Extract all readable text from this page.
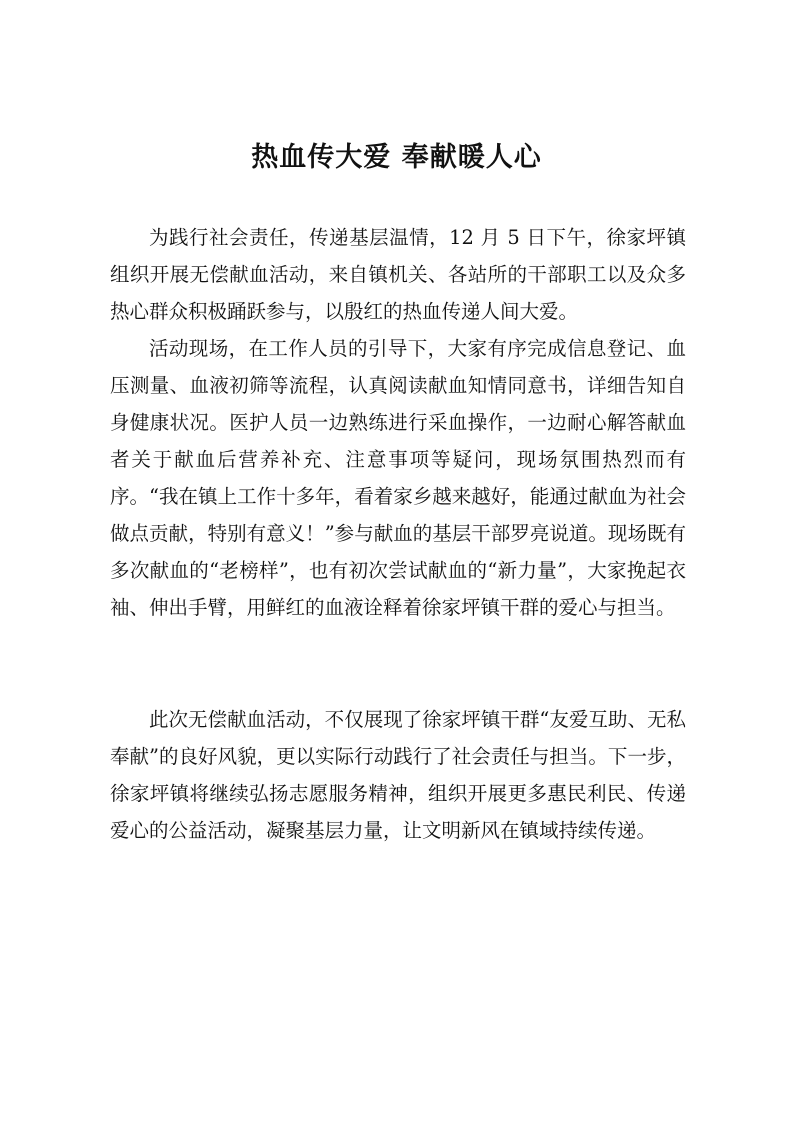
热血传大爱 奉献暖人心

为践行社会责任，传递基层温情，12 月 5 日下午，徐家坪镇组织开展无偿献血活动，来自镇机关、各站所的干部职工以及众多热心群众积极踊跃参与，以殷红的热血传递人间大爱。

活动现场，在工作人员的引导下，大家有序完成信息登记、血压测量、血液初筛等流程，认真阅读献血知情同意书，详细告知自身健康状况。医护人员一边熟练进行采血操作，一边耐心解答献血者关于献血后营养补充、注意事项等疑问，现场氛围热烈而有序。“我在镇上工作十多年，看着家乡越来越好，能通过献血为社会做点贡献，特别有意义！”参与献血的基层干部罗亮说道。现场既有多次献血的“老榜样”，也有初次尝试献血的“新力量”，大家挽起衣袖、伸出手臂，用鲜红的血液诠释着徐家坪镇干群的爱心与担当。

此次无偿献血活动，不仅展现了徐家坪镇干群“友爱互助、无私奉献”的良好风貌，更以实际行动践行了社会责任与担当。下一步，徐家坪镇将继续弘扬志愿服务精神，组织开展更多惠民利民、传递爱心的公益活动，凝聚基层力量，让文明新风在镇域持续传递。
